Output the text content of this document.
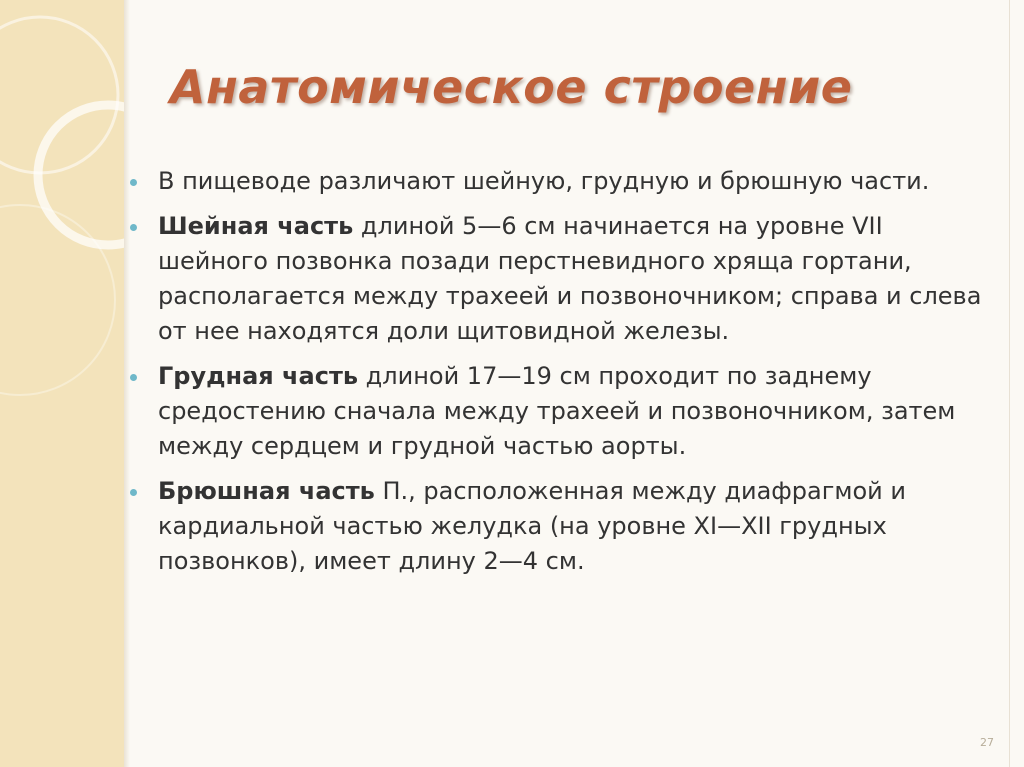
Анатомическое строение
В пищеводе различают шейную, грудную и брюшную части.
Шейная часть длиной 5—6 см начинается на уровне VII шейного позвонка позади перстневидного хряща гортани, располагается между трахеей и позвоночником; справа и слева от нее находятся доли щитовидной железы.
Грудная часть длиной 17—19 см проходит по заднему средостению сначала между трахеей и позвоночником, затем между сердцем и грудной частью аорты.
Брюшная часть П., расположенная между диафрагмой и кардиальной частью желудка (на уровне XI—XII грудных позвонков), имеет длину 2—4 см.
27
